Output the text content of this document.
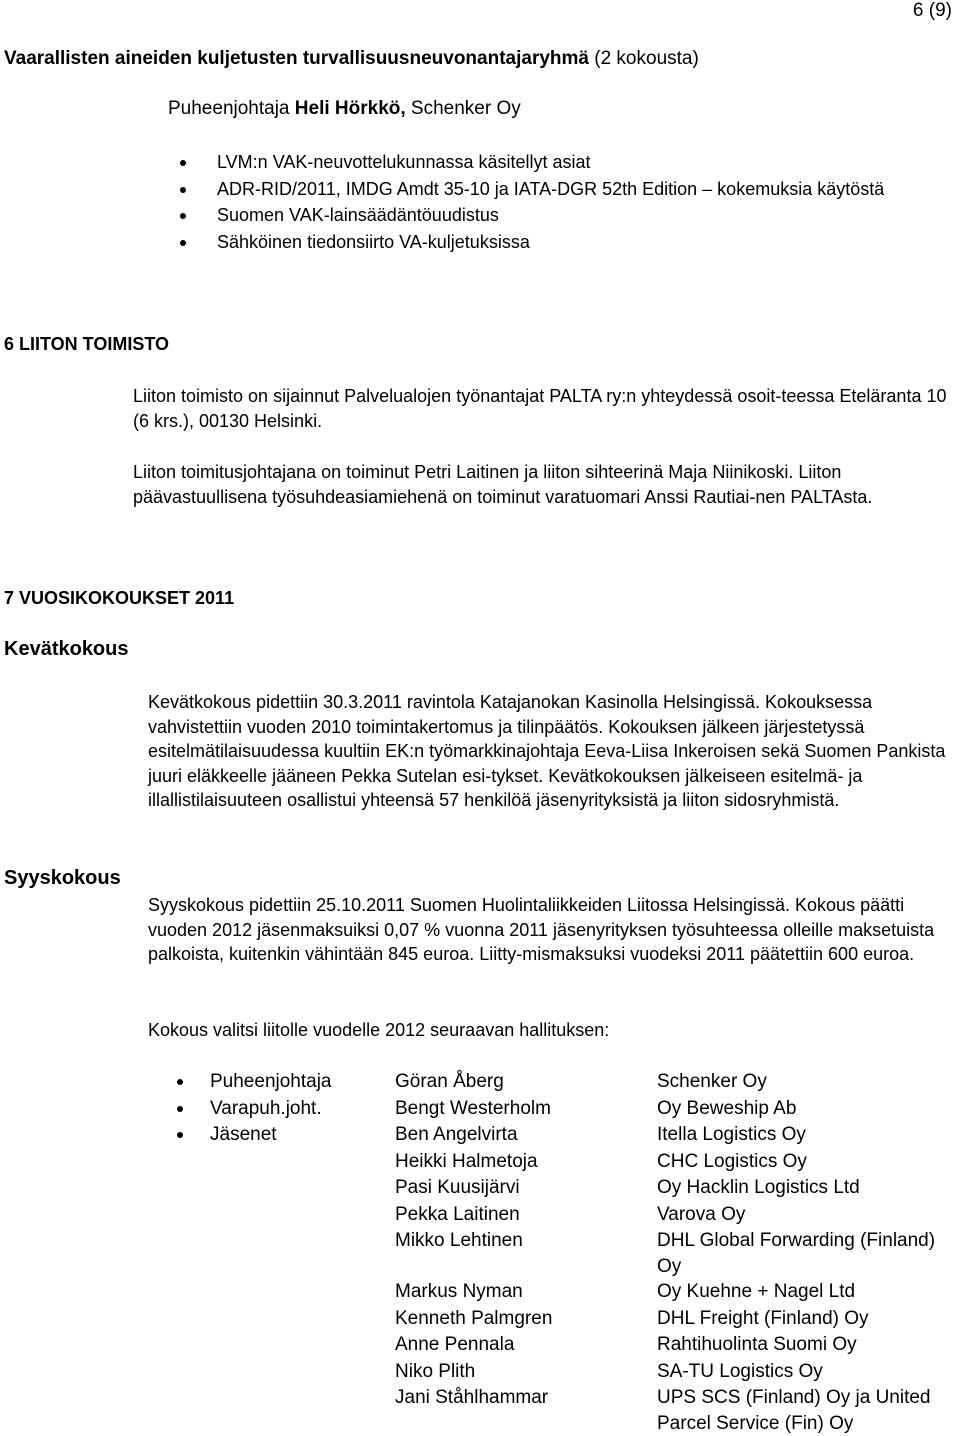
6 (9)
Vaarallisten aineiden kuljetusten turvallisuusneuvonantajaryhmä (2 kokousta)
Puheenjohtaja Heli Hörkkö, Schenker Oy
LVM:n VAK-neuvottelukunnassa käsitellyt asiat
ADR-RID/2011, IMDG Amdt 35-10 ja IATA-DGR 52th Edition – kokemuksia käytöstä
Suomen VAK-lainsäädäntöuudistus
Sähköinen tiedonsiirto VA-kuljetuksissa
6 LIITON TOIMISTO

Liiton toimisto on sijainnut Palvelualojen työnantajat PALTA ry:n yhteydessä osoit-teessa Eteläranta 10 (6 krs.), 00130 Helsinki.

Liiton toimitusjohtajana on toiminut Petri Laitinen ja liiton sihteerinä Maja Niinikoski. Liiton päävastuullisena työsuhdeasiamiehenä on toiminut varatuomari Anssi Rautiai-nen PALTAsta.

7 VUOSIKOKOUKSET 2011
Kevätkokous

Kevätkokous pidettiin 30.3.2011 ravintola Katajanokan Kasinolla Helsingissä. Kokouksessa vahvistettiin vuoden 2010 toimintakertomus ja tilinpäätös. Kokouksen jälkeen järjestetyssä esitelmätilaisuudessa kuultiin EK:n työmarkkinajohtaja Eeva-Liisa Inkeroisen sekä Suomen Pankista juuri eläkkeelle jääneen Pekka Sutelan esi-tykset. Kevätkokouksen jälkeiseen esitelmä- ja illallistilaisuuteen osallistui yhteensä 57 henkilöä jäsenyrityksistä ja liiton sidosryhmistä.

Syyskokous

Syyskokous pidettiin 25.10.2011 Suomen Huolintaliikkeiden Liitossa Helsingissä. Kokous päätti vuoden 2012 jäsenmaksuiksi 0,07 % vuonna 2011 jäsenyrityksen työsuhteessa olleille maksetuista palkoista, kuitenkin vähintään 845 euroa. Liitty-mismaksuksi vuodeksi 2011 päätettiin 600 euroa.

Kokous valitsi liitolle vuodelle 2012 seuraavan hallituksen:

Puheenjohtaja	Göran Åberg	Schenker Oy
Varapuh.joht.	Bengt Westerholm	Oy Beweship Ab
Jäsenet	Ben Angelvirta	Itella Logistics Oy
Heikki Halmetoja	CHC Logistics Oy
Pasi Kuusijärvi	Oy Hacklin Logistics Ltd
Pekka Laitinen	Varova Oy
Mikko Lehtinen	DHL Global Forwarding (Finland) Oy
Markus Nyman	Oy Kuehne + Nagel Ltd
Kenneth Palmgren	DHL Freight (Finland) Oy
Anne Pennala	Rahtihuolinta Suomi Oy
Niko Plith	SA-TU Logistics Oy
Jani Ståhlhammar	UPS SCS (Finland) Oy ja United Parcel Service (Fin) Oy
